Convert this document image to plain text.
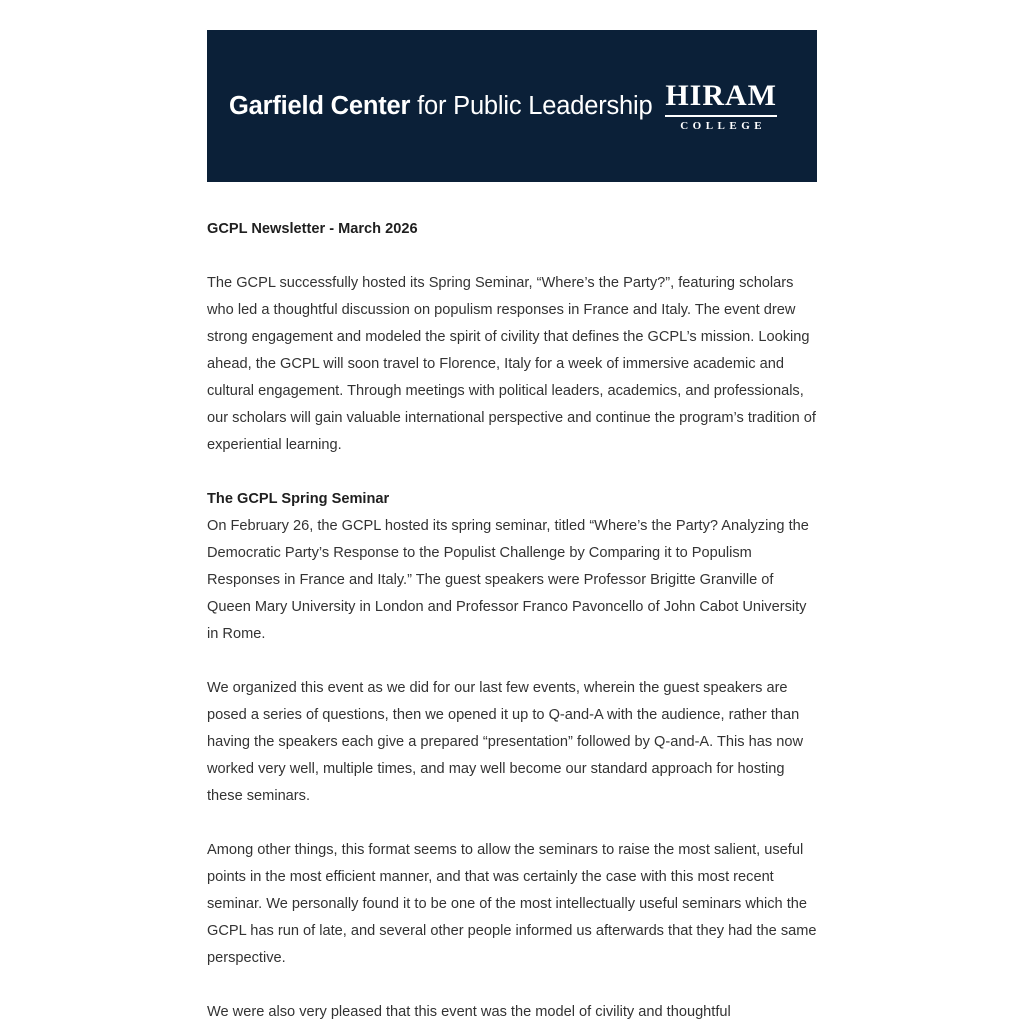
Garfield Center for Public Leadership HIRAM
COLLEGE

GCPL Newsletter - March 2026

The GCPL successfully hosted its Spring Seminar, “Where’s the Party?”, featuring scholars who led a thoughtful discussion on populism responses in France and Italy. The event drew strong engagement and modeled the spirit of civility that defines the GCPL’s mission. Looking ahead, the GCPL will soon travel to Florence, Italy for a week of immersive academic and cultural engagement. Through meetings with political leaders, academics, and professionals, our scholars will gain valuable international perspective and continue the program’s tradition of experiential learning.

The GCPL Spring Seminar

On February 26, the GCPL hosted its spring seminar, titled “Where’s the Party? Analyzing the Democratic Party’s Response to the Populist Challenge by Comparing it to Populism Responses in France and Italy.” The guest speakers were Professor Brigitte Granville of Queen Mary University in London and Professor Franco Pavoncello of John Cabot University in Rome.

We organized this event as we did for our last few events, wherein the guest speakers are posed a series of questions, then we opened it up to Q-and-A with the audience, rather than having the speakers each give a prepared “presentation” followed by Q-and-A. This has now worked very well, multiple times, and may well become our standard approach for hosting these seminars.

Among other things, this format seems to allow the seminars to raise the most salient, useful points in the most efficient manner, and that was certainly the case with this most recent seminar. We personally found it to be one of the most intellectually useful seminars which the GCPL has run of late, and several other people informed us afterwards that they had the same perspective.

We were also very pleased that this event was the model of civility and thoughtful
